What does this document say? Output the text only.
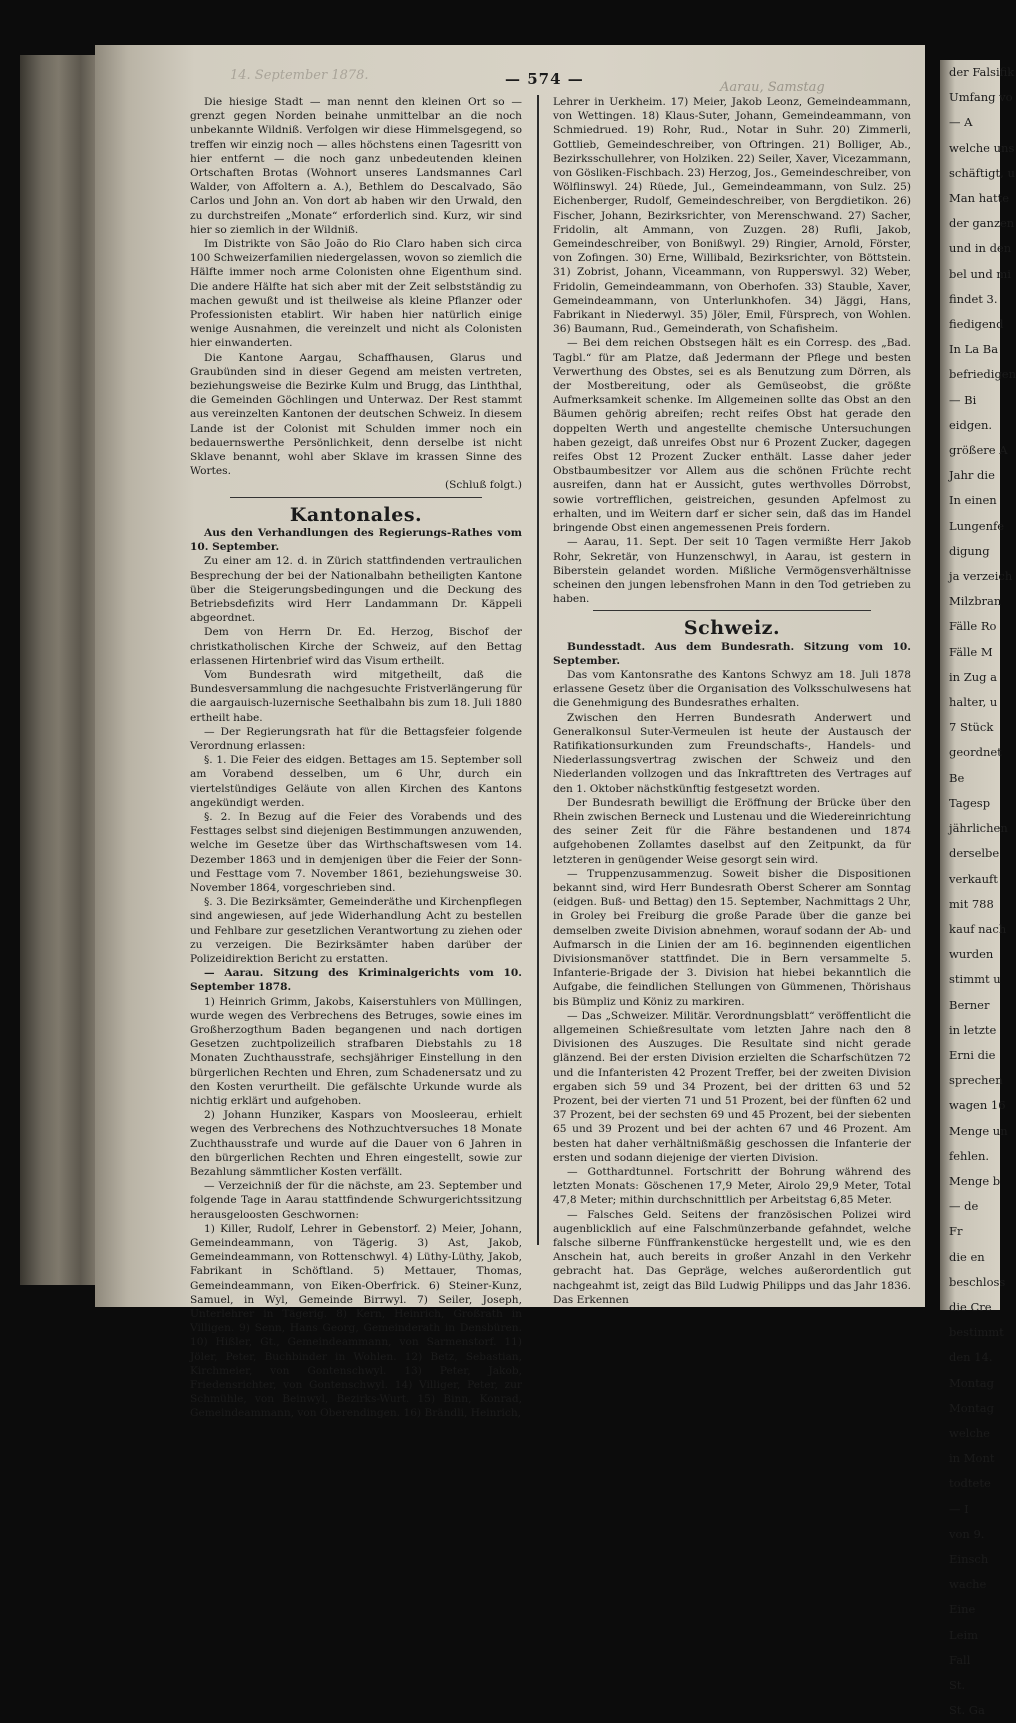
der Falsifik
Umfang vo
— A
welche uns
schäftigt, u
Man hatte
der ganzen
und in den
bel und mi
findet 3.
fiedigend
In La Ba
befriedigen
— Bi
eidgen.
größere A
Jahr die
In einen
Lungenfe
digung
ja verzeich
Milzbran
Fälle Ro
Fälle M
in Zug a
halter, u
7 Stück
geordnet
Be
Tagesp
jährlichen
derselbe
verkauft
mit 788
kauf nach
wurden
stimmt u
Berner
in letzte
Erni die
sprechen
wagen 16
Menge un
fehlen.
Menge b
— de
Fr
die en
beschloss
die Cre
bestimmt
den 14.
Montag
Montag
welche
in Mont
todtete
— I
von 9.
Einsch
wache
Eine
Leim
Fall
St.
St. Ga
14. September 1878.	— 574 —	Aarau, Samstag

Die hiesige Stadt — man nennt den kleinen Ort so — grenzt gegen Norden beinahe unmittelbar an die noch unbekannte Wildniß. Verfolgen wir diese Himmelsgegend, so treffen wir einzig noch — alles höchstens einen Tagesritt von hier entfernt — die noch ganz unbedeutenden kleinen Ortschaften Brotas (Wohnort unseres Landsmannes Carl Walder, von Affoltern a. A.), Bethlem do Descalvado, São Carlos und John an. Von dort ab haben wir den Urwald, den zu durchstreifen „Monate“ erforderlich sind. Kurz, wir sind hier so ziemlich in der Wildniß.

Im Distrikte von São João do Rio Claro haben sich circa 100 Schweizerfamilien niedergelassen, wovon so ziemlich die Hälfte immer noch arme Colonisten ohne Eigenthum sind. Die andere Hälfte hat sich aber mit der Zeit selbstständig zu machen gewußt und ist theilweise als kleine Pflanzer oder Professionisten etablirt. Wir haben hier natürlich einige wenige Ausnahmen, die vereinzelt und nicht als Colonisten hier einwanderten.

Die Kantone Aargau, Schaffhausen, Glarus und Graubünden sind in dieser Gegend am meisten vertreten, beziehungsweise die Bezirke Kulm und Brugg, das Linththal, die Gemeinden Göchlingen und Unterwaz. Der Rest stammt aus vereinzelten Kantonen der deutschen Schweiz. In diesem Lande ist der Colonist mit Schulden immer noch ein bedauernswerthe Persönlichkeit, denn derselbe ist nicht Sklave benannt, wohl aber Sklave im krassen Sinne des Wortes.

(Schluß folgt.)

Kantonales.

Aus den Verhandlungen des Regierungs-Rathes vom 10. September.

Zu einer am 12. d. in Zürich stattfindenden vertraulichen Besprechung der bei der Nationalbahn betheiligten Kantone über die Steigerungsbedingungen und die Deckung des Betriebsdefizits wird Herr Landammann Dr. Käppeli abgeordnet.

Dem von Herrn Dr. Ed. Herzog, Bischof der christkatholischen Kirche der Schweiz, auf den Bettag erlassenen Hirtenbrief wird das Visum ertheilt.

Vom Bundesrath wird mitgetheilt, daß die Bundesversammlung die nachgesuchte Fristverlängerung für die aargauisch-luzernische Seethalbahn bis zum 18. Juli 1880 ertheilt habe.

— Der Regierungsrath hat für die Bettagsfeier folgende Verordnung erlassen:

§. 1. Die Feier des eidgen. Bettages am 15. September soll am Vorabend desselben, um 6 Uhr, durch ein viertelstündiges Geläute von allen Kirchen des Kantons angekündigt werden.

§. 2. In Bezug auf die Feier des Vorabends und des Festtages selbst sind diejenigen Bestimmungen anzuwenden, welche im Gesetze über das Wirthschaftswesen vom 14. Dezember 1863 und in demjenigen über die Feier der Sonn- und Festtage vom 7. November 1861, beziehungsweise 30. November 1864, vorgeschrieben sind.

§. 3. Die Bezirksämter, Gemeinderäthe und Kirchenpflegen sind angewiesen, auf jede Widerhandlung Acht zu bestellen und Fehlbare zur gesetzlichen Verantwortung zu ziehen oder zu verzeigen. Die Bezirksämter haben darüber der Polizeidirektion Bericht zu erstatten.

— Aarau. Sitzung des Kriminalgerichts vom 10. September 1878.

1) Heinrich Grimm, Jakobs, Kaiserstuhlers von Müllingen, wurde wegen des Verbrechens des Betruges, sowie eines im Großherzogthum Baden begangenen und nach dortigen Gesetzen zuchtpolizeilich strafbaren Diebstahls zu 18 Monaten Zuchthausstrafe, sechsjähriger Einstellung in den bürgerlichen Rechten und Ehren, zum Schadenersatz und zu den Kosten verurtheilt. Die gefälschte Urkunde wurde als nichtig erklärt und aufgehoben.

2) Johann Hunziker, Kaspars von Moosleerau, erhielt wegen des Verbrechens des Nothzuchtversuches 18 Monate Zuchthausstrafe und wurde auf die Dauer von 6 Jahren in den bürgerlichen Rechten und Ehren eingestellt, sowie zur Bezahlung sämmtlicher Kosten verfällt.

— Verzeichniß der für die nächste, am 23. September und folgende Tage in Aarau stattfindende Schwurgerichtssitzung herausgeloosten Geschwornen:

1) Killer, Rudolf, Lehrer in Gebenstorf. 2) Meier, Johann, Gemeindeammann, von Tägerig. 3) Ast, Jakob, Gemeindeammann, von Rottenschwyl. 4) Lüthy-Lüthy, Jakob, Fabrikant in Schöftland. 5) Mettauer, Thomas, Gemeindeammann, von Eiken-Oberfrick. 6) Steiner-Kunz, Samuel, in Wyl, Gemeinde Birrwyl. 7) Seiler, Joseph, Unterlehrer in Tägerig. 8) Kern, Heinrich, Großrath in Villigen. 9) Senn, Hans Georg, Gemeinderath in Densbüren. 10) Hißler, Gt., Gemeindeammann, von Sarmenstorf. 11) Jöler, Peter, Buchbinder in Wohlen. 12) Betz, Sebastian, Kirchmeier, von Gontenschwyl. 13) Peter, Jakob, Friedensrichter, von Gontenschwyl. 14) Villiger, Peter, zur Schmühle, von Beinwyl, Bezirks-Wurt. 15) Binn, Konrad, Gemeindeammann, von Oberendingen. 16) Brändli, Heinrich,

Lehrer in Uerkheim. 17) Meier, Jakob Leonz, Gemeindeammann, von Wettingen. 18) Klaus-Suter, Johann, Gemeindeammann, von Schmiedrued. 19) Rohr, Rud., Notar in Suhr. 20) Zimmerli, Gottlieb, Gemeindeschreiber, von Oftringen. 21) Bolliger, Ab., Bezirksschullehrer, von Holziken. 22) Seiler, Xaver, Vicezammann, von Gösliken-Fischbach. 23) Herzog, Jos., Gemeindeschreiber, von Wölflinswyl. 24) Rüede, Jul., Gemeindeammann, von Sulz. 25) Eichenberger, Rudolf, Gemeindeschreiber, von Bergdietikon. 26) Fischer, Johann, Bezirksrichter, von Merenschwand. 27) Sacher, Fridolin, alt Ammann, von Zuzgen. 28) Rufli, Jakob, Gemeindeschreiber, von Bonißwyl. 29) Ringier, Arnold, Förster, von Zofingen. 30) Erne, Willibald, Bezirksrichter, von Böttstein. 31) Zobrist, Johann, Viceammann, von Rupperswyl. 32) Weber, Fridolin, Gemeindeammann, von Oberhofen. 33) Stauble, Xaver, Gemeindeammann, von Unterlunkhofen. 34) Jäggi, Hans, Fabrikant in Niederwyl. 35) Jöler, Emil, Fürsprech, von Wohlen. 36) Baumann, Rud., Gemeinderath, von Schafisheim.

— Bei dem reichen Obstsegen hält es ein Corresp. des „Bad. Tagbl.“ für am Platze, daß Jedermann der Pflege und besten Verwerthung des Obstes, sei es als Benutzung zum Dörren, als der Mostbereitung, oder als Gemüseobst, die größte Aufmerksamkeit schenke. Im Allgemeinen sollte das Obst an den Bäumen gehörig abreifen; recht reifes Obst hat gerade den doppelten Werth und angestellte chemische Untersuchungen haben gezeigt, daß unreifes Obst nur 6 Prozent Zucker, dagegen reifes Obst 12 Prozent Zucker enthält. Lasse daher jeder Obstbaumbesitzer vor Allem aus die schönen Früchte recht ausreifen, dann hat er Aussicht, gutes werthvolles Dörrobst, sowie vortrefflichen, geistreichen, gesunden Apfelmost zu erhalten, und im Weitern darf er sicher sein, daß das im Handel bringende Obst einen angemessenen Preis fordern.

— Aarau, 11. Sept. Der seit 10 Tagen vermißte Herr Jakob Rohr, Sekretär, von Hunzenschwyl, in Aarau, ist gestern in Biberstein gelandet worden. Mißliche Vermögensverhältnisse scheinen den jungen lebensfrohen Mann in den Tod getrieben zu haben.

Schweiz.

Bundesstadt. Aus dem Bundesrath. Sitzung vom 10. September.

Das vom Kantonsrathe des Kantons Schwyz am 18. Juli 1878 erlassene Gesetz über die Organisation des Volksschulwesens hat die Genehmigung des Bundesrathes erhalten.

Zwischen den Herren Bundesrath Anderwert und Generalkonsul Suter-Vermeulen ist heute der Austausch der Ratifikationsurkunden zum Freundschafts-, Handels- und Niederlassungsvertrag zwischen der Schweiz und den Niederlanden vollzogen und das Inkrafttreten des Vertrages auf den 1. Oktober nächstkünftig festgesetzt worden.

Der Bundesrath bewilligt die Eröffnung der Brücke über den Rhein zwischen Berneck und Lustenau und die Wiedereinrichtung des seiner Zeit für die Fähre bestandenen und 1874 aufgehobenen Zollamtes daselbst auf den Zeitpunkt, da für letzteren in genügender Weise gesorgt sein wird.

— Truppenzusammenzug. Soweit bisher die Dispositionen bekannt sind, wird Herr Bundesrath Oberst Scherer am Sonntag (eidgen. Buß- und Bettag) den 15. September, Nachmittags 2 Uhr, in Groley bei Freiburg die große Parade über die ganze bei demselben zweite Division abnehmen, worauf sodann der Ab- und Aufmarsch in die Linien der am 16. beginnenden eigentlichen Divisionsmanöver stattfindet. Die in Bern versammelte 5. Infanterie-Brigade der 3. Division hat hiebei bekanntlich die Aufgabe, die feindlichen Stellungen von Gümmenen, Thörishaus bis Bümpliz und Köniz zu markiren.

— Das „Schweizer. Militär. Verordnungsblatt“ veröffentlicht die allgemeinen Schießresultate vom letzten Jahre nach den 8 Divisionen des Auszuges. Die Resultate sind nicht gerade glänzend. Bei der ersten Division erzielten die Scharfschützen 72 und die Infanteristen 42 Prozent Treffer, bei der zweiten Division ergaben sich 59 und 34 Prozent, bei der dritten 63 und 52 Prozent, bei der vierten 71 und 51 Prozent, bei der fünften 62 und 37 Prozent, bei der sechsten 69 und 45 Prozent, bei der siebenten 65 und 39 Prozent und bei der achten 67 und 46 Prozent. Am besten hat daher verhältnißmäßig geschossen die Infanterie der ersten und sodann diejenige der vierten Division.

— Gotthardtunnel. Fortschritt der Bohrung während des letzten Monats: Göschenen 17,9 Meter, Airolo 29,9 Meter, Total 47,8 Meter; mithin durchschnittlich per Arbeitstag 6,85 Meter.

— Falsches Geld. Seitens der französischen Polizei wird augenblicklich auf eine Falschmünzerbande gefahndet, welche falsche silberne Fünffrankenstücke hergestellt und, wie es den Anschein hat, auch bereits in großer Anzahl in den Verkehr gebracht hat. Das Gepräge, welches außerordentlich gut nachgeahmt ist, zeigt das Bild Ludwig Philipps und das Jahr 1836. Das Erkennen
